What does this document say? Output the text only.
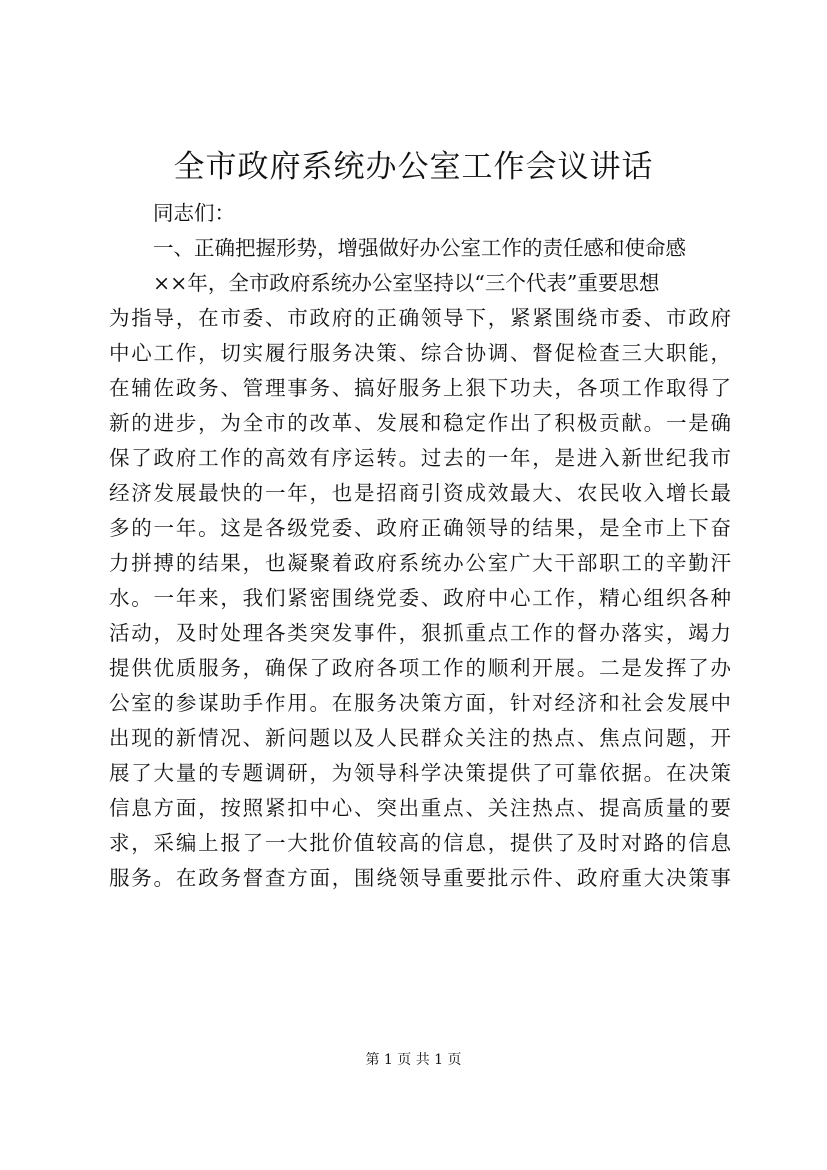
全市政府系统办公室工作会议讲话
同志们：
一、正确把握形势，增强做好办公室工作的责任感和使命感
××年，全市政府系统办公室坚持以“三个代表”重要思想
为指导，在市委、市政府的正确领导下，紧紧围绕市委、市政府
中心工作，切实履行服务决策、综合协调、督促检查三大职能，
在辅佐政务、管理事务、搞好服务上狠下功夫，各项工作取得了
新的进步，为全市的改革、发展和稳定作出了积极贡献。一是确
保了政府工作的高效有序运转。过去的一年，是进入新世纪我市
经济发展最快的一年，也是招商引资成效最大、农民收入增长最
多的一年。这是各级党委、政府正确领导的结果，是全市上下奋
力拼搏的结果，也凝聚着政府系统办公室广大干部职工的辛勤汗
水。一年来，我们紧密围绕党委、政府中心工作，精心组织各种
活动，及时处理各类突发事件，狠抓重点工作的督办落实，竭力
提供优质服务，确保了政府各项工作的顺利开展。二是发挥了办
公室的参谋助手作用。在服务决策方面，针对经济和社会发展中
出现的新情况、新问题以及人民群众关注的热点、焦点问题，开
展了大量的专题调研，为领导科学决策提供了可靠依据。在决策
信息方面，按照紧扣中心、突出重点、关注热点、提高质量的要
求，采编上报了一大批价值较高的信息，提供了及时对路的信息
服务。在政务督查方面，围绕领导重要批示件、政府重大决策事
第 1 页 共 1 页
